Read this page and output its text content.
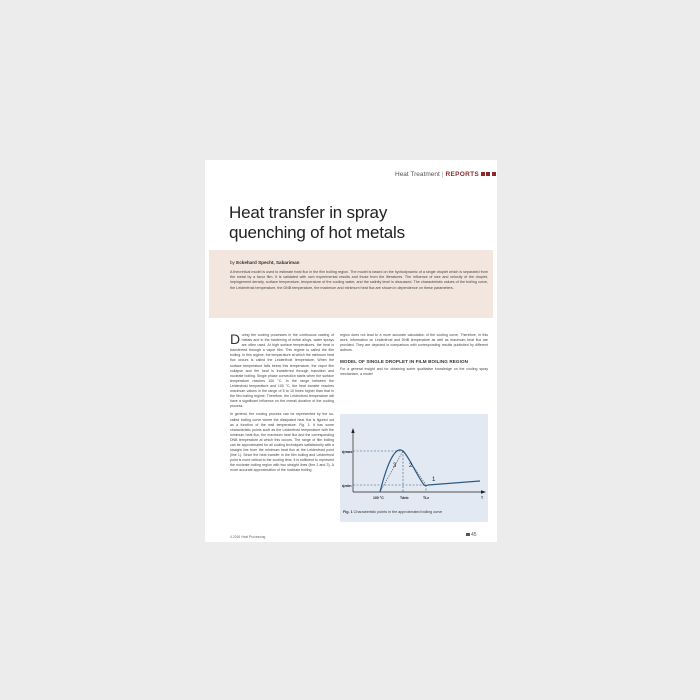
Heat Treatment | REPORTS
Heat transfer in spray quenching of hot metals
by Eckehard Specht, Sabariman

A theoretical model is used to estimate heat flux in the film boiling region. The model is based on the hydrodynamic of a single droplet which is separated from the metal by a favor film. It is validated with own experimental results and those from the literatures. The influence of size and velocity of the droplet, impingement density, surface temperature, temperature of the cooling water, and the salinity level is discussed. The characteristic values of the boiling curve, the Leidenfrost temperature, the DNB temperature, the maximum and minimum heat flux are shown in dependence on these parameters.

During the cooling processes in the continuous casting of metals and in the hardening of metal alloys, water sprays are often used. At high surface temperatures, the heat is transferred through a vapor film. This regime is called the film boiling. In this regime, the temperature at which the minimum heat flux occurs is called the Leidenfrost temperature. When the surface temperature falls below this temperature, the vapor film collapse and the heat is transferred through transition and nucleate boiling. Single phase convection starts when the surface temperature reaches 100 °C. In the range between the Leidenfrost temperature and 100 °C, the heat transfer reaches maximum values in the range of 5 to 10 times higher than that in the film boiling regime. Therefore, the Leidenfrost temperature will have a significant influence on the overall duration of the cooling process.

In general, the cooling process can be represented by the so-called boiling curve where the dissipated heat flux is figured out as a function of the wall temperature. Fig. 1: It has some characteristic points such as the Leidenfrost temperature with the minimum heat flux, the maximum heat flux and the corresponding DNB temperature at which this occurs. The range of film boiling can be approximated for all cooling techniques satisfactorily with a straight line from the minimum heat flux at the Leidenfrost point (line 1). Since the heat transfer in the film boiling and Leidenfrost point is more critical to the cooling time, it is sufficient to represent the nucleate boiling region with two straight lines (line 2 and 3). A more accurate approximation of the nucleate boiling

region does not lead to a more accurate calculation of the cooling curve. Therefore, in this work, information on Leidenfrost and DNB temperature as well as maximum heat flux are provided. They are depicted in comparison with corresponding results published by different authors.

MODEL OF SINGLE DROPLET IN FILM BOILING REGION

For a general insight and for obtaining some qualitative knowledge on the cooling spray mechanism, a model

q̇max
q̇min
100 °C	Tdnb	TLe	T
3 2
1

Fig. 1 Characteristic points in the approximated boiling curve

4-2016 Heat Processing	45
